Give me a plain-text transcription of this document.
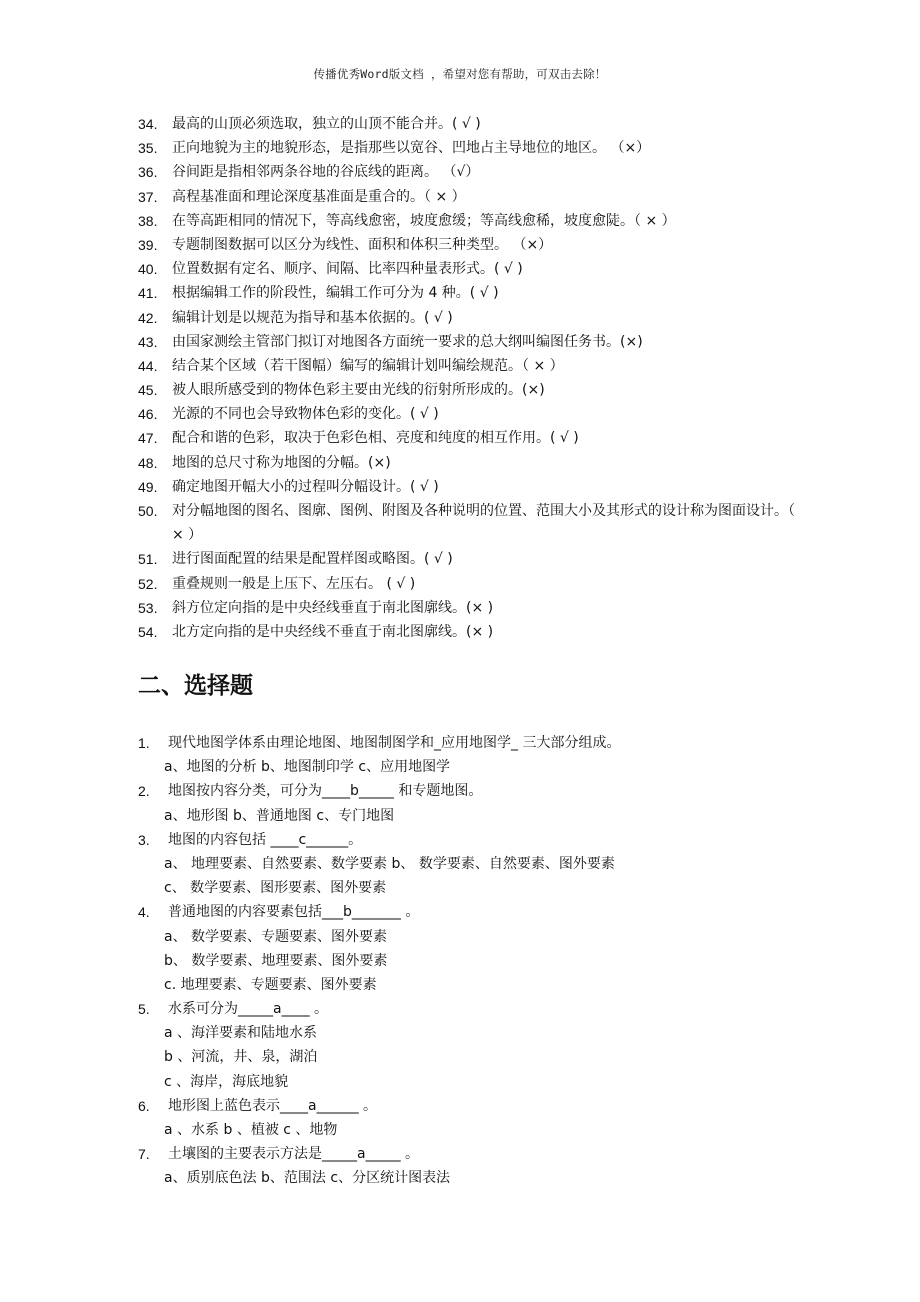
传播优秀Word版文档 ，希望对您有帮助，可双击去除！
34.	最高的山顶必须选取，独立的山顶不能合并。( √ )
35.	正向地貌为主的地貌形态，是指那些以宽谷、凹地占主导地位的地区。 （×）
36.	谷间距是指相邻两条谷地的谷底线的距离。 （√）
37.	高程基准面和理论深度基准面是重合的。（ × ）
38.	在等高距相同的情况下，等高线愈密，坡度愈缓；等高线愈稀，坡度愈陡。（ × ）
39.	专题制图数据可以区分为线性、面积和体积三种类型。 （×）
40.	位置数据有定名、顺序、间隔、比率四种量表形式。( √ )
41.	根据编辑工作的阶段性，编辑工作可分为 4 种。( √ )
42.	编辑计划是以规范为指导和基本依据的。( √ )
43.	由国家测绘主管部门拟订对地图各方面统一要求的总大纲叫编图任务书。(×)
44.	结合某个区域（若干图幅）编写的编辑计划叫编绘规范。（ × ）
45.	被人眼所感受到的物体色彩主要由光线的衍射所形成的。(×)
46.	光源的不同也会导致物体色彩的变化。( √ )
47.	配合和谐的色彩，取决于色彩色相、亮度和纯度的相互作用。( √ )
48.	地图的总尺寸称为地图的分幅。(×)
49.	确定地图开幅大小的过程叫分幅设计。( √ )
50.	对分幅地图的图名、图廓、图例、附图及各种说明的位置、范围大小及其形式的设计称为图面设计。（ × ）
51.	进行图面配置的结果是配置样图或略图。( √ )
52.	重叠规则一般是上压下、左压右。 ( √ )
53.	斜方位定向指的是中央经线垂直于南北图廓线。(× )
54.	北方定向指的是中央经线不垂直于南北图廓线。(× )
二、选择题
1.	现代地图学体系由理论地图、地图制图学和_应用地图学_ 三大部分组成。
a、地图的分析 b、地图制印学 c、应用地图学
2.	地图按内容分类，可分为____b_____ 和专题地图。
a、地形图 b、普通地图 c、专门地图
3.	地图的内容包括 ____c______。
a、 地理要素、自然要素、数学要素 b、 数学要素、自然要素、图外要素
c、 数学要素、图形要素、图外要素
4.	普通地图的内容要素包括___b_______ 。
a、 数学要素、专题要素、图外要素
b、 数学要素、地理要素、图外要素
c. 地理要素、专题要素、图外要素
5.	水系可分为_____a____ 。
a 、海洋要素和陆地水系
b 、河流，井、泉，湖泊
c 、海岸，海底地貌
6.	地形图上蓝色表示____a______ 。
a 、水系 b 、植被 c 、地物
7.	土壤图的主要表示方法是_____a_____ 。
a、质别底色法 b、范围法 c、分区统计图表法
